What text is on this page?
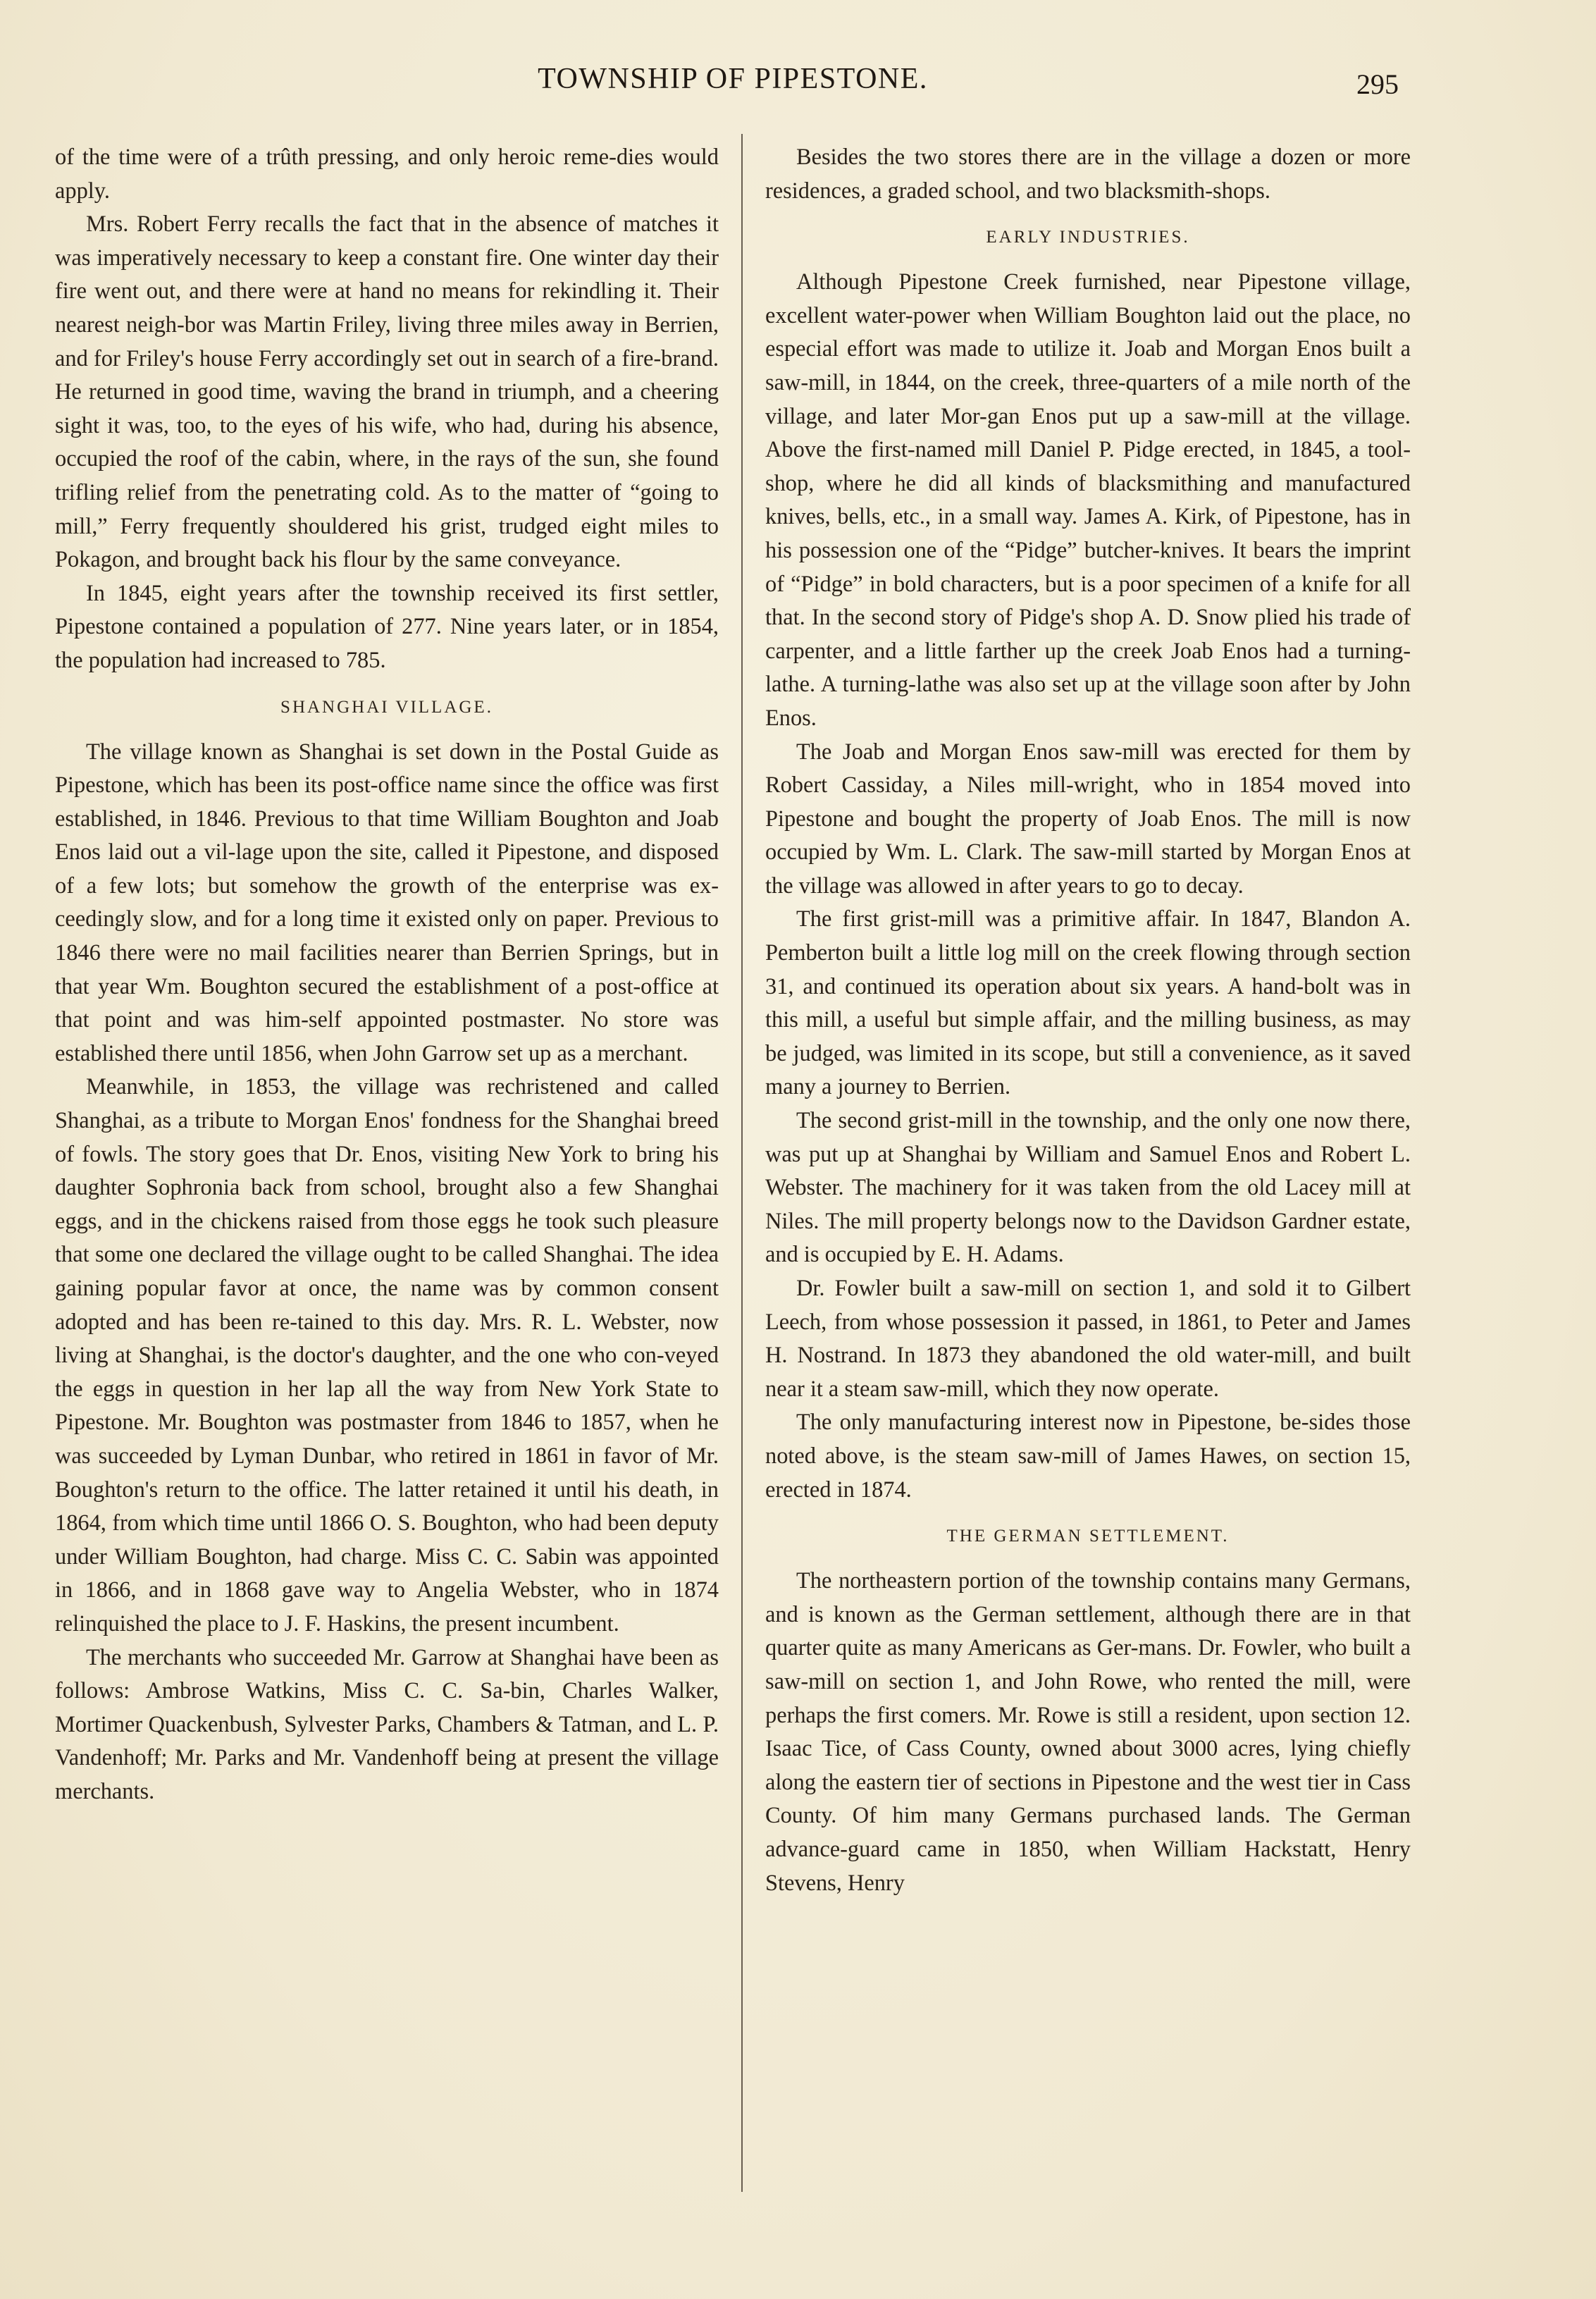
TOWNSHIP OF PIPESTONE.	295

of the time were of a trûth pressing, and only heroic reme-dies would apply.

Mrs. Robert Ferry recalls the fact that in the absence of matches it was imperatively necessary to keep a constant fire. One winter day their fire went out, and there were at hand no means for rekindling it. Their nearest neigh-bor was Martin Friley, living three miles away in Berrien, and for Friley's house Ferry accordingly set out in search of a fire-brand. He returned in good time, waving the brand in triumph, and a cheering sight it was, too, to the eyes of his wife, who had, during his absence, occupied the roof of the cabin, where, in the rays of the sun, she found trifling relief from the penetrating cold. As to the matter of “going to mill,” Ferry frequently shouldered his grist, trudged eight miles to Pokagon, and brought back his flour by the same conveyance.

In 1845, eight years after the township received its first settler, Pipestone contained a population of 277. Nine years later, or in 1854, the population had increased to 785.

SHANGHAI VILLAGE.

The village known as Shanghai is set down in the Postal Guide as Pipestone, which has been its post-office name since the office was first established, in 1846. Previous to that time William Boughton and Joab Enos laid out a vil-lage upon the site, called it Pipestone, and disposed of a few lots; but somehow the growth of the enterprise was ex-ceedingly slow, and for a long time it existed only on paper. Previous to 1846 there were no mail facilities nearer than Berrien Springs, but in that year Wm. Boughton secured the establishment of a post-office at that point and was him-self appointed postmaster. No store was established there until 1856, when John Garrow set up as a merchant.

Meanwhile, in 1853, the village was rechristened and called Shanghai, as a tribute to Morgan Enos' fondness for the Shanghai breed of fowls. The story goes that Dr. Enos, visiting New York to bring his daughter Sophronia back from school, brought also a few Shanghai eggs, and in the chickens raised from those eggs he took such pleasure that some one declared the village ought to be called Shanghai. The idea gaining popular favor at once, the name was by common consent adopted and has been re-tained to this day. Mrs. R. L. Webster, now living at Shanghai, is the doctor's daughter, and the one who con-veyed the eggs in question in her lap all the way from New York State to Pipestone. Mr. Boughton was postmaster from 1846 to 1857, when he was succeeded by Lyman Dunbar, who retired in 1861 in favor of Mr. Boughton's return to the office. The latter retained it until his death, in 1864, from which time until 1866 O. S. Boughton, who had been deputy under William Boughton, had charge. Miss C. C. Sabin was appointed in 1866, and in 1868 gave way to Angelia Webster, who in 1874 relinquished the place to J. F. Haskins, the present incumbent.

The merchants who succeeded Mr. Garrow at Shanghai have been as follows: Ambrose Watkins, Miss C. C. Sa-bin, Charles Walker, Mortimer Quackenbush, Sylvester Parks, Chambers & Tatman, and L. P. Vandenhoff; Mr. Parks and Mr. Vandenhoff being at present the village merchants.

Besides the two stores there are in the village a dozen or more residences, a graded school, and two blacksmith-shops.

EARLY INDUSTRIES.

Although Pipestone Creek furnished, near Pipestone village, excellent water-power when William Boughton laid out the place, no especial effort was made to utilize it. Joab and Morgan Enos built a saw-mill, in 1844, on the creek, three-quarters of a mile north of the village, and later Mor-gan Enos put up a saw-mill at the village. Above the first-named mill Daniel P. Pidge erected, in 1845, a tool-shop, where he did all kinds of blacksmithing and manufactured knives, bells, etc., in a small way. James A. Kirk, of Pipestone, has in his possession one of the “Pidge” butcher-knives. It bears the imprint of “Pidge” in bold characters, but is a poor specimen of a knife for all that. In the second story of Pidge's shop A. D. Snow plied his trade of carpenter, and a little farther up the creek Joab Enos had a turning-lathe. A turning-lathe was also set up at the village soon after by John Enos.

The Joab and Morgan Enos saw-mill was erected for them by Robert Cassiday, a Niles mill-wright, who in 1854 moved into Pipestone and bought the property of Joab Enos. The mill is now occupied by Wm. L. Clark. The saw-mill started by Morgan Enos at the village was allowed in after years to go to decay.

The first grist-mill was a primitive affair. In 1847, Blandon A. Pemberton built a little log mill on the creek flowing through section 31, and continued its operation about six years. A hand-bolt was in this mill, a useful but simple affair, and the milling business, as may be judged, was limited in its scope, but still a convenience, as it saved many a journey to Berrien.

The second grist-mill in the township, and the only one now there, was put up at Shanghai by William and Samuel Enos and Robert L. Webster. The machinery for it was taken from the old Lacey mill at Niles. The mill property belongs now to the Davidson Gardner estate, and is occupied by E. H. Adams.

Dr. Fowler built a saw-mill on section 1, and sold it to Gilbert Leech, from whose possession it passed, in 1861, to Peter and James H. Nostrand. In 1873 they abandoned the old water-mill, and built near it a steam saw-mill, which they now operate.

The only manufacturing interest now in Pipestone, be-sides those noted above, is the steam saw-mill of James Hawes, on section 15, erected in 1874.

THE GERMAN SETTLEMENT.

The northeastern portion of the township contains many Germans, and is known as the German settlement, although there are in that quarter quite as many Americans as Ger-mans. Dr. Fowler, who built a saw-mill on section 1, and John Rowe, who rented the mill, were perhaps the first comers. Mr. Rowe is still a resident, upon section 12. Isaac Tice, of Cass County, owned about 3000 acres, lying chiefly along the eastern tier of sections in Pipestone and the west tier in Cass County. Of him many Germans purchased lands. The German advance-guard came in 1850, when William Hackstatt, Henry Stevens, Henry
